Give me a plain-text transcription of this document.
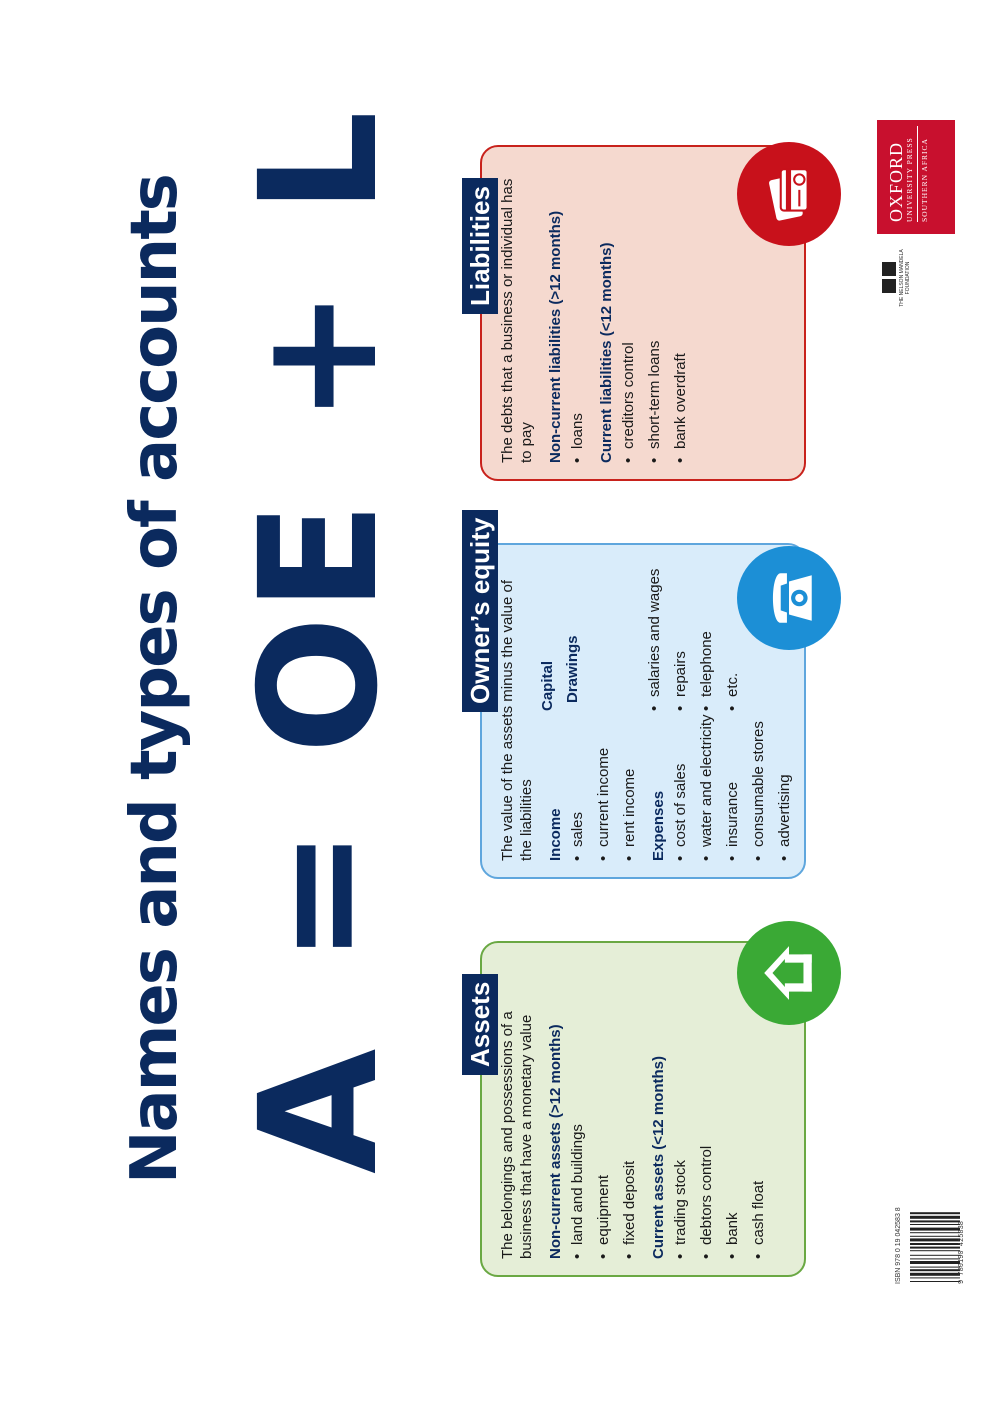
Names and types of accounts A
=
OE
+
L
Assets The belongings and possessions of a business that have a monetary value Non-current assets (>12 months) • land and buildings • equipment • fixed deposit Current assets (<12 months) • trading stock • debtors control • bank • cash float
Owner’s equity The value of the assets minus the value of the liabilities Income • sales • current income • rent income

Capital Drawings

Expenses • cost of sales • water and electricity • insurance • consumable stores • advertising
• salaries and wages • repairs • telephone • etc.
Liabilities The debts that a business or individual has to pay Non-current liabilities (>12 months) • loans Current liabilities (<12 months) • creditors control • short-term loans • bank overdraft
OXFORD UNIVERSITY PRESS SOUTHERN AFRICA
THE NELSON MANDELA FOUNDATION
ISBN 978 0 19 042583 8	9 780190 425838
